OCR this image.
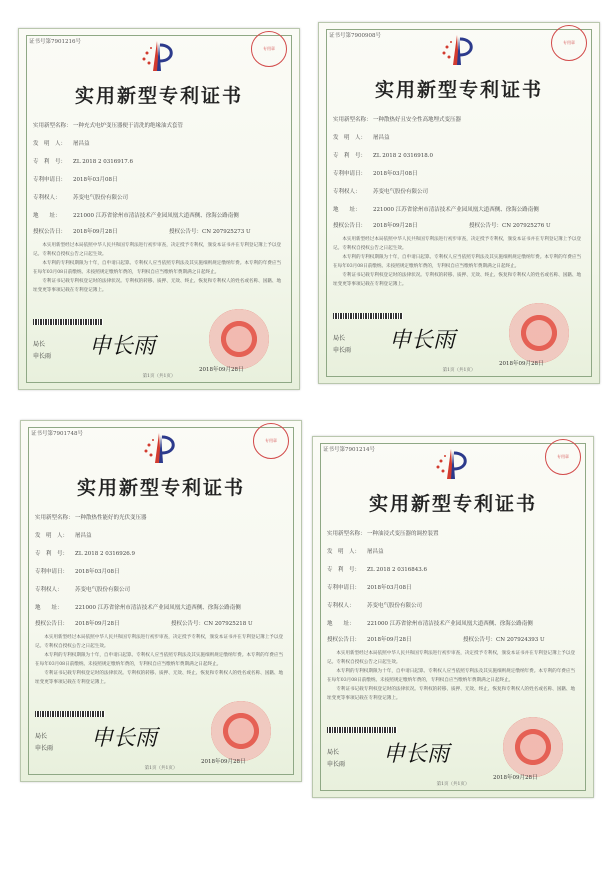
证书号第7901216号
专用章
实用新型专利证书
实用新型名称：一种充式电炉变压器便于清洗的绝缘油式套管
发　明　人： 屠昌益
专　利　号： ZL 2018 2 0316917.6
专利申请日： 2018年03月08日
专利权人： 苏变电气股份有限公司
地　　址： 221000 江苏省徐州市清洁技术产业园凤凰大道西侧、徐海公路南侧
授权公告日： 2018年09月28日	授权公告号：CN 207925273 U

本实用新型经过本局依照中华人民共和国专利法进行初步审查，决定授予专利权，颁发本证书并在专利登记簿上予以登记。专利权自授权公告之日起生效。

本专利的专利权期限为十年，自申请日起算。专利权人应当依照专利法及其实施细则规定缴纳年费。本专利的年费应当在每年03月08日前缴纳。未按照规定缴纳年费的，专利权自应当缴纳年费期满之日起终止。

专利证书记载专利权登记时的法律状况。专利权的转移、质押、无效、终止、恢复和专利权人的姓名或名称、国籍、地址变更等事项记载在专利登记簿上。

局长
申长雨 申长雨
2018年09月28日
第1页（共1页）
证书号第7900908号
专用章
实用新型专利证书
实用新型名称：一种散热好且安全性高地埋式变压器
发　明　人： 屠昌益
专　利　号： ZL 2018 2 0316918.0
专利申请日： 2018年03月08日
专利权人： 苏变电气股份有限公司
地　　址： 221000 江苏省徐州市清洁技术产业园凤凰大道西侧、徐海公路南侧
授权公告日： 2018年09月28日	授权公告号：CN 207925276 U

本实用新型经过本局依照中华人民共和国专利法进行初步审查，决定授予专利权，颁发本证书并在专利登记簿上予以登记。专利权自授权公告之日起生效。

本专利的专利权期限为十年，自申请日起算。专利权人应当依照专利法及其实施细则规定缴纳年费。本专利的年费应当在每年03月08日前缴纳。未按照规定缴纳年费的，专利权自应当缴纳年费期满之日起终止。

专利证书记载专利权登记时的法律状况。专利权的转移、质押、无效、终止、恢复和专利权人的姓名或名称、国籍、地址变更等事项记载在专利登记簿上。

局长
申长雨 申长雨
2018年09月28日
第1页（共1页）
证书号第7901748号
专用章
实用新型专利证书
实用新型名称：一种散热性能好的光伏变压器
发　明　人： 屠昌益
专　利　号： ZL 2018 2 0316926.9
专利申请日： 2018年03月08日
专利权人： 苏变电气股份有限公司
地　　址： 221000 江苏省徐州市清洁技术产业园凤凰大道西侧、徐海公路南侧
授权公告日： 2018年09月28日	授权公告号：CN 207925218 U

本实用新型经过本局依照中华人民共和国专利法进行初步审查，决定授予专利权，颁发本证书并在专利登记簿上予以登记。专利权自授权公告之日起生效。

本专利的专利权期限为十年，自申请日起算。专利权人应当依照专利法及其实施细则规定缴纳年费。本专利的年费应当在每年03月08日前缴纳。未按照规定缴纳年费的，专利权自应当缴纳年费期满之日起终止。

专利证书记载专利权登记时的法律状况。专利权的转移、质押、无效、终止、恢复和专利权人的姓名或名称、国籍、地址变更等事项记载在专利登记簿上。

局长
申长雨 申长雨
2018年09月28日
第1页（共1页）
证书号第7901214号
专用章
实用新型专利证书
实用新型名称：一种油浸式变压器的调控装置
发　明　人： 屠昌益
专　利　号： ZL 2018 2 0316843.6
专利申请日： 2018年03月08日
专利权人： 苏变电气股份有限公司
地　　址： 221000 江苏省徐州市清洁技术产业园凤凰大道西侧、徐海公路南侧
授权公告日： 2018年09月28日	授权公告号：CN 207924393 U

本实用新型经过本局依照中华人民共和国专利法进行初步审查，决定授予专利权，颁发本证书并在专利登记簿上予以登记。专利权自授权公告之日起生效。

本专利的专利权期限为十年，自申请日起算。专利权人应当依照专利法及其实施细则规定缴纳年费。本专利的年费应当在每年03月08日前缴纳。未按照规定缴纳年费的，专利权自应当缴纳年费期满之日起终止。

专利证书记载专利权登记时的法律状况。专利权的转移、质押、无效、终止、恢复和专利权人的姓名或名称、国籍、地址变更等事项记载在专利登记簿上。

局长
申长雨 申长雨
2018年09月28日
第1页（共1页）
